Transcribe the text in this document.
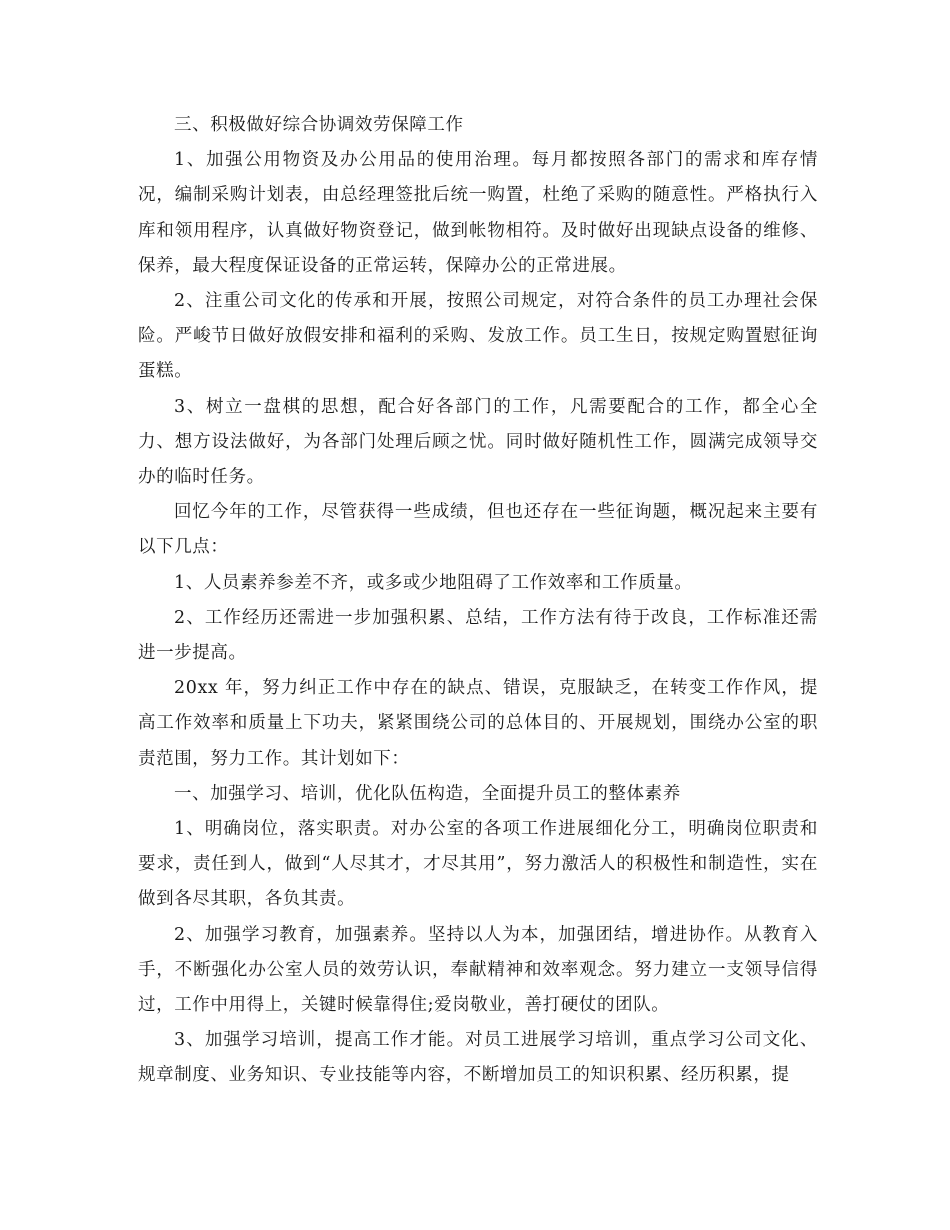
三、积极做好综合协调效劳保障工作

1、加强公用物资及办公用品的使用治理。每月都按照各部门的需求和库存情况，编制采购计划表，由总经理签批后统一购置，杜绝了采购的随意性。严格执行入库和领用程序，认真做好物资登记，做到帐物相符。及时做好出现缺点设备的维修、保养，最大程度保证设备的正常运转，保障办公的正常进展。

2、注重公司文化的传承和开展，按照公司规定，对符合条件的员工办理社会保险。严峻节日做好放假安排和福利的采购、发放工作。员工生日，按规定购置慰征询蛋糕。

3、树立一盘棋的思想，配合好各部门的工作，凡需要配合的工作，都全心全力、想方设法做好，为各部门处理后顾之忧。同时做好随机性工作，圆满完成领导交办的临时任务。

回忆今年的工作，尽管获得一些成绩，但也还存在一些征询题，概况起来主要有以下几点：

1、人员素养参差不齐，或多或少地阻碍了工作效率和工作质量。

2、工作经历还需进一步加强积累、总结，工作方法有待于改良，工作标准还需进一步提高。

20xx 年，努力纠正工作中存在的缺点、错误，克服缺乏，在转变工作作风，提高工作效率和质量上下功夫，紧紧围绕公司的总体目的、开展规划，围绕办公室的职责范围，努力工作。其计划如下：

一、加强学习、培训，优化队伍构造，全面提升员工的整体素养

1、明确岗位，落实职责。对办公室的各项工作进展细化分工，明确岗位职责和要求，责任到人，做到“人尽其才，才尽其用”，努力激活人的积极性和制造性，实在做到各尽其职，各负其责。

2、加强学习教育，加强素养。坚持以人为本，加强团结，增进协作。从教育入手，不断强化办公室人员的效劳认识，奉献精神和效率观念。努力建立一支领导信得过，工作中用得上，关键时候靠得住;爱岗敬业，善打硬仗的团队。

3、加强学习培训，提高工作才能。对员工进展学习培训，重点学习公司文化、规章制度、业务知识、专业技能等内容，不断增加员工的知识积累、经历积累，提
